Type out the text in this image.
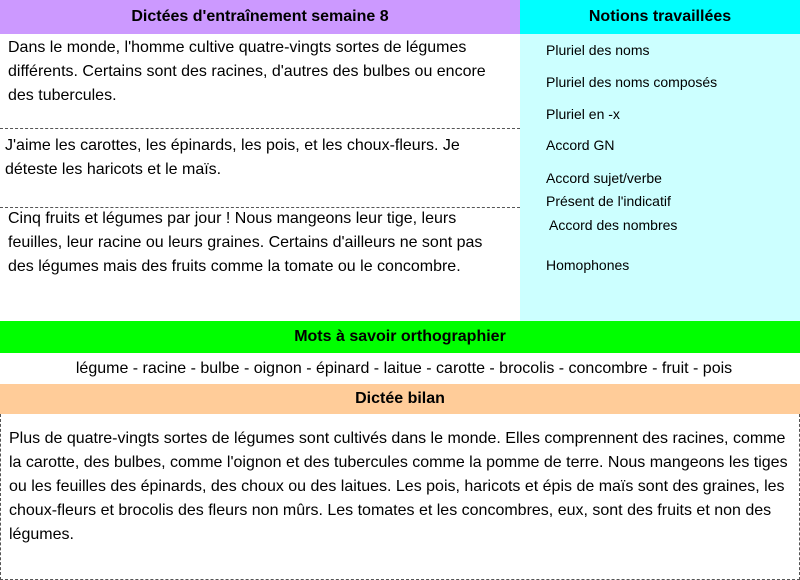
Dictées d'entraînement semaine 8	Notions travaillées
Dans le monde, l'homme cultive quatre-vingts sortes de légumes différents. Certains sont des racines, d'autres des bulbes ou encore des tubercules.
J'aime les carottes, les épinards, les pois, et les choux-fleurs. Je déteste les haricots et le maïs.
Cinq fruits et légumes par jour ! Nous mangeons leur tige, leurs feuilles, leur racine ou leurs graines. Certains d'ailleurs ne sont pas des légumes mais des fruits comme la tomate ou le concombre.
Pluriel des noms
Pluriel des noms composés
Pluriel en -x
Accord GN
Accord sujet/verbe
Présent de l'indicatif
Accord des nombres
Homophones
Mots à savoir orthographier
légume - racine - bulbe - oignon - épinard - laitue - carotte - brocolis - concombre - fruit - pois
Dictée bilan
Plus de quatre-vingts sortes de légumes sont cultivés dans le monde. Elles comprennent des racines, comme la carotte, des bulbes, comme l'oignon et des tubercules comme la pomme de terre. Nous mangeons les tiges ou les feuilles des épinards, des choux ou des laitues. Les pois, haricots et épis de maïs sont des graines, les choux-fleurs et brocolis des fleurs non mûrs. Les tomates et les concombres, eux, sont des fruits et non des légumes.
